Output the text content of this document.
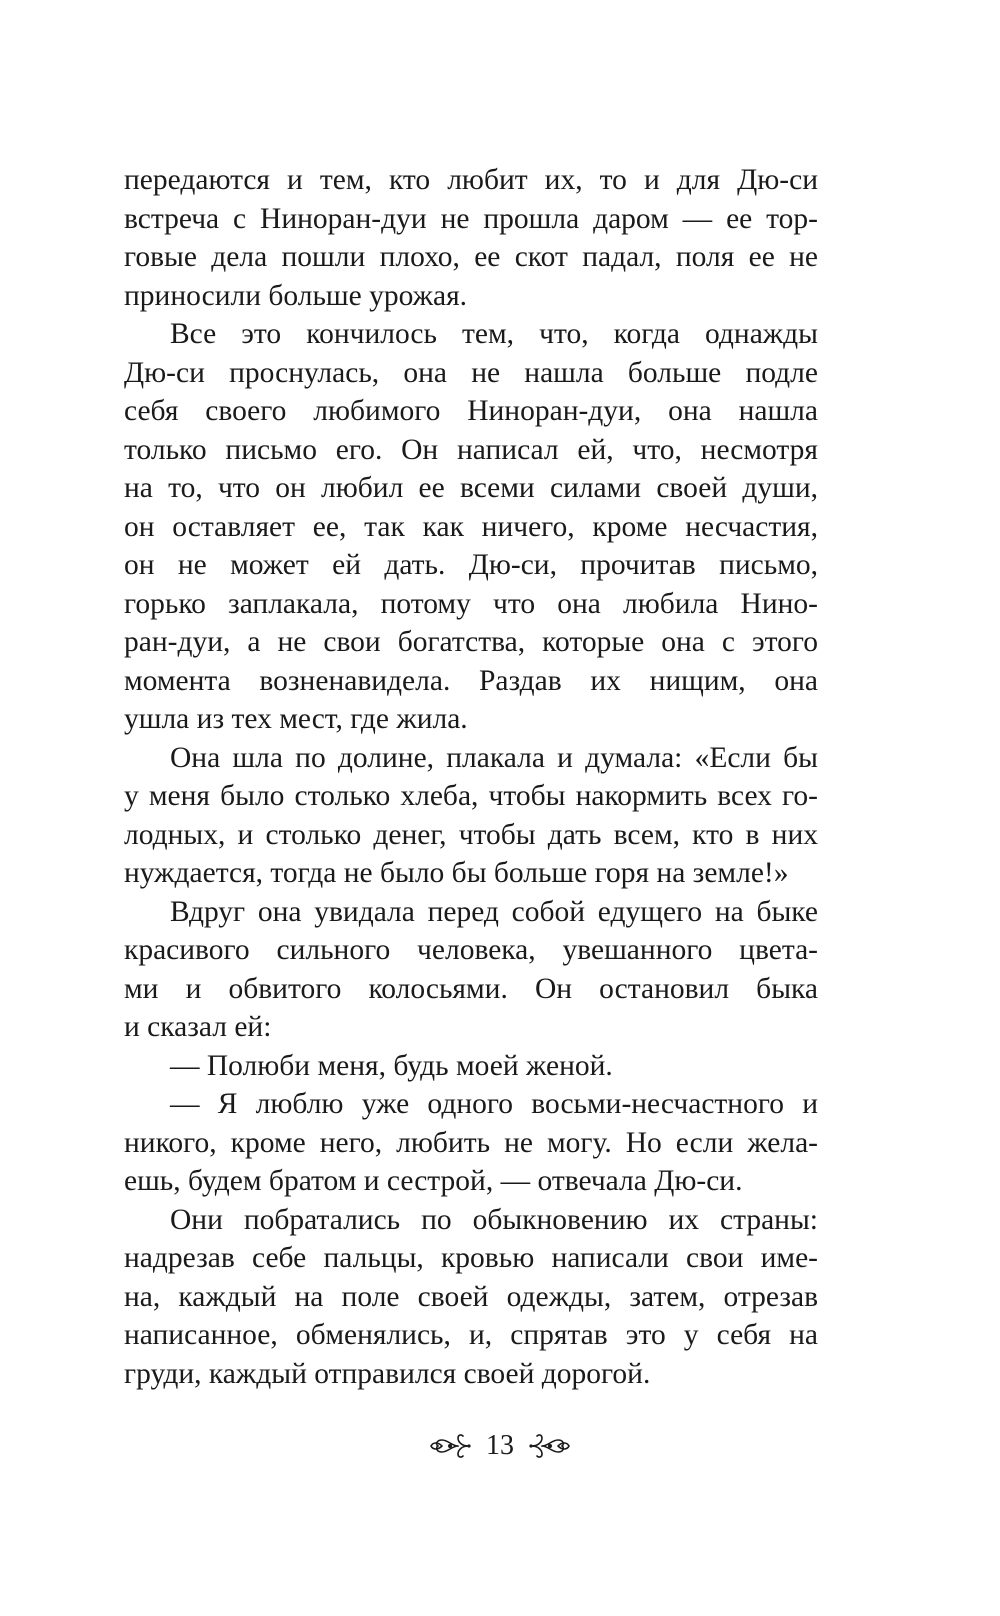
передаются и тем, кто любит их, то и для Дю-си
встреча с Нинорaн-дуи не прошла даром — ее тор-
говые дела пошли плохо, ее скот падал, поля ее не
приносили больше урожая.
Все это кончилось тем, что, когда однажды
Дю-си проснулась, она не нашла больше подле
себя своего любимого Нинорaн-дуи, она нашла
только письмо его. Он написал ей, что, несмотря
на то, что он любил ее всеми силами своей души,
он оставляет ее, так как ничего, кроме несчастия,
он не может ей дать. Дю-си, прочитав письмо,
горько заплакала, потому что она любила Нино-
ран-дуи, а не свои богатства, которые она с этого
момента возненавидела. Раздав их нищим, она
ушла из тех мест, где жила.
Она шла по долине, плакала и думала: «Если бы
у меня было столько хлеба, чтобы накормить всех го-
лодных, и столько денег, чтобы дать всем, кто в них
нуждается, тогда не было бы больше горя на земле!»
Вдруг она увидала перед собой едущего на быке
красивого сильного человека, увешанного цвета-
ми и обвитого колосьями. Он остановил быка
и сказал ей:
— Полюби меня, будь моей женой.
— Я люблю уже одного восьми-несчастного и
никого, кроме него, любить не могу. Но если жела-
ешь, будем братом и сестрой, — отвечала Дю-си.
Они побратались по обыкновению их страны:
надрезав себе пальцы, кровью написали свои име-
на, каждый на поле своей одежды, затем, отрезав
написанное, обменялись, и, спрятав это у себя на
груди, каждый отправился своей дорогой.
13
